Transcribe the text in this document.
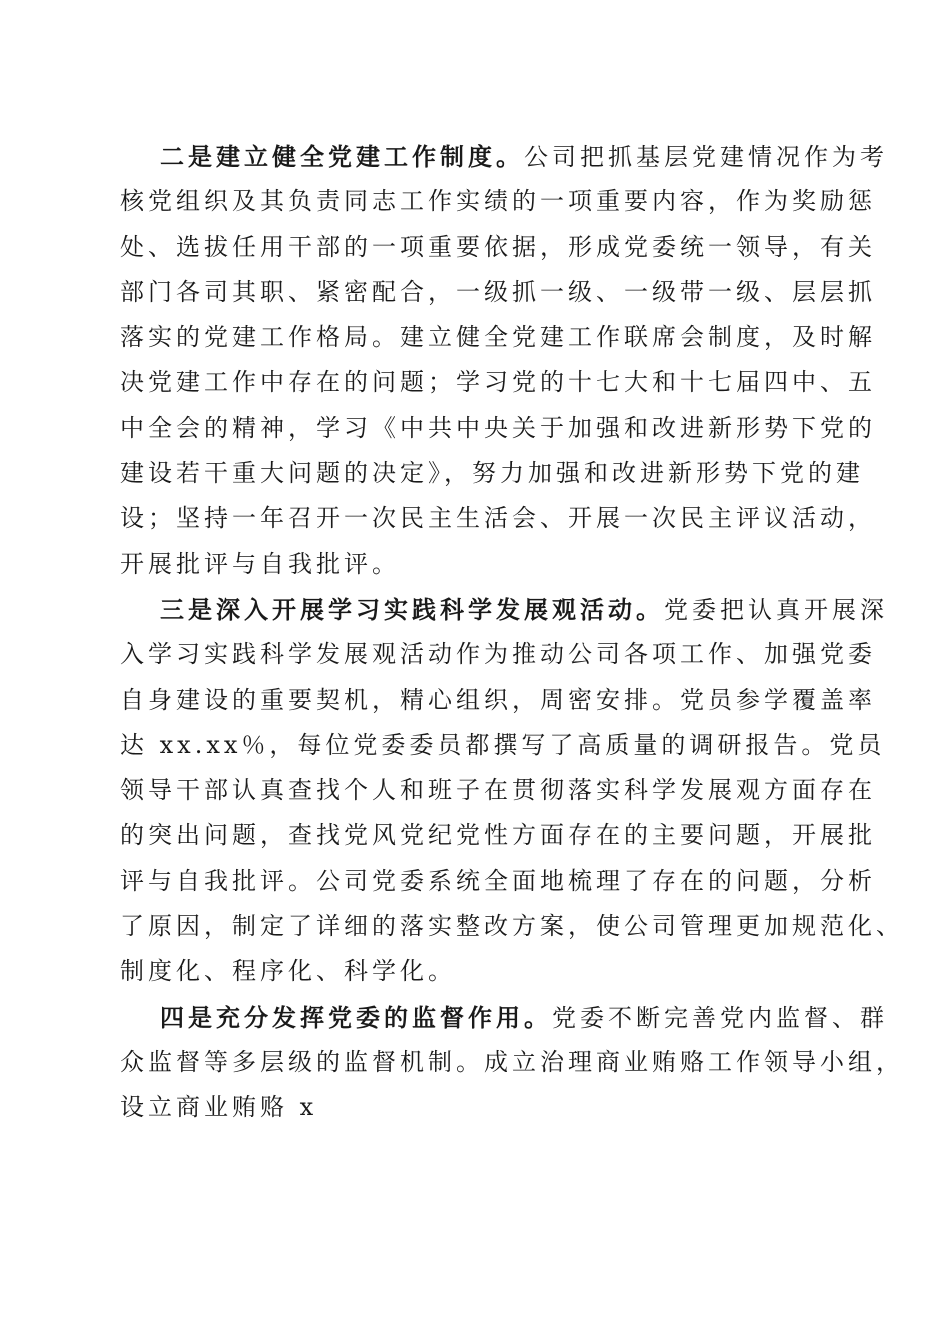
二是建立健全党建工作制度。公司把抓基层党建情况作为考
核党组织及其负责同志工作实绩的一项重要内容，作为奖励惩
处、选拔任用干部的一项重要依据，形成党委统一领导，有关
部门各司其职、紧密配合，一级抓一级、一级带一级、层层抓
落实的党建工作格局。建立健全党建工作联席会制度，及时解
决党建工作中存在的问题；学习党的十七大和十七届四中、五
中全会的精神，学习《中共中央关于加强和改进新形势下党的
建设若干重大问题的决定》，努力加强和改进新形势下党的建
设；坚持一年召开一次民主生活会、开展一次民主评议活动，
开展批评与自我批评。
三是深入开展学习实践科学发展观活动。党委把认真开展深
入学习实践科学发展观活动作为推动公司各项工作、加强党委
自身建设的重要契机，精心组织，周密安排。党员参学覆盖率
达 xx.xx％，每位党委委员都撰写了高质量的调研报告。党员
领导干部认真查找个人和班子在贯彻落实科学发展观方面存在
的突出问题，查找党风党纪党性方面存在的主要问题，开展批
评与自我批评。公司党委系统全面地梳理了存在的问题，分析
了原因，制定了详细的落实整改方案，使公司管理更加规范化、
制度化、程序化、科学化。
四是充分发挥党委的监督作用。党委不断完善党内监督、群
众监督等多层级的监督机制。成立治理商业贿赂工作领导小组，
设立商业贿赂 x
